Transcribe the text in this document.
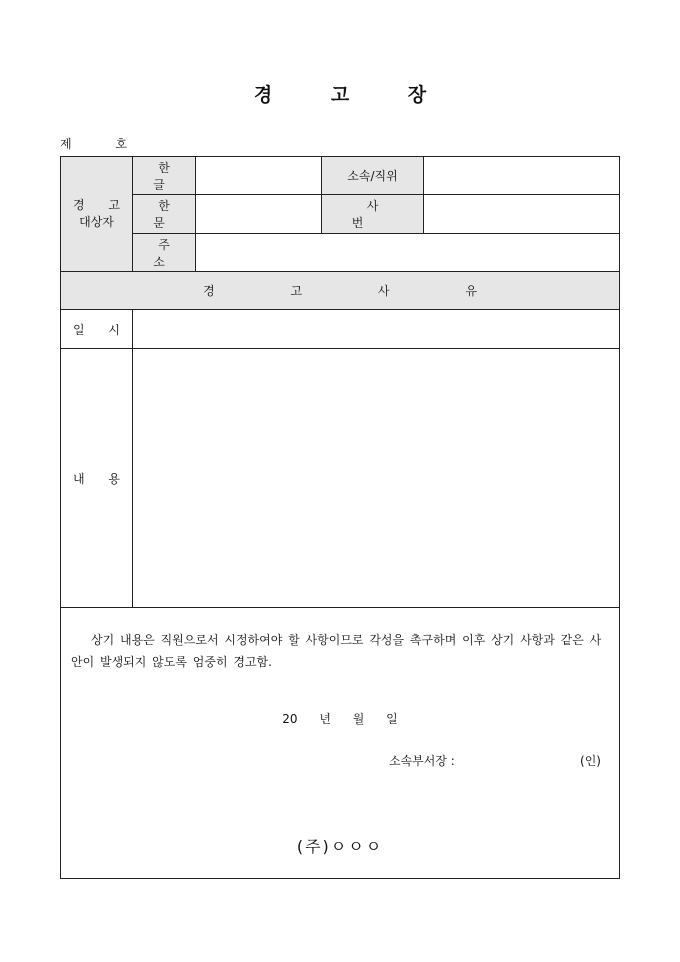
경 고 장
제 호
경 고
대상자
한 글
소속/직위
한 문
사 번
주 소
경 고 사 유
일 시
내 용
상기 내용은 직원으로서 시정하여야 할 사항이므로 각성을 촉구하며 이후 상기 사항과 같은 사안이 발생되지 않도록 엄중히 경고함.
20 년 월 일
소속부서장 :	(인)
(주)ㅇㅇㅇ
